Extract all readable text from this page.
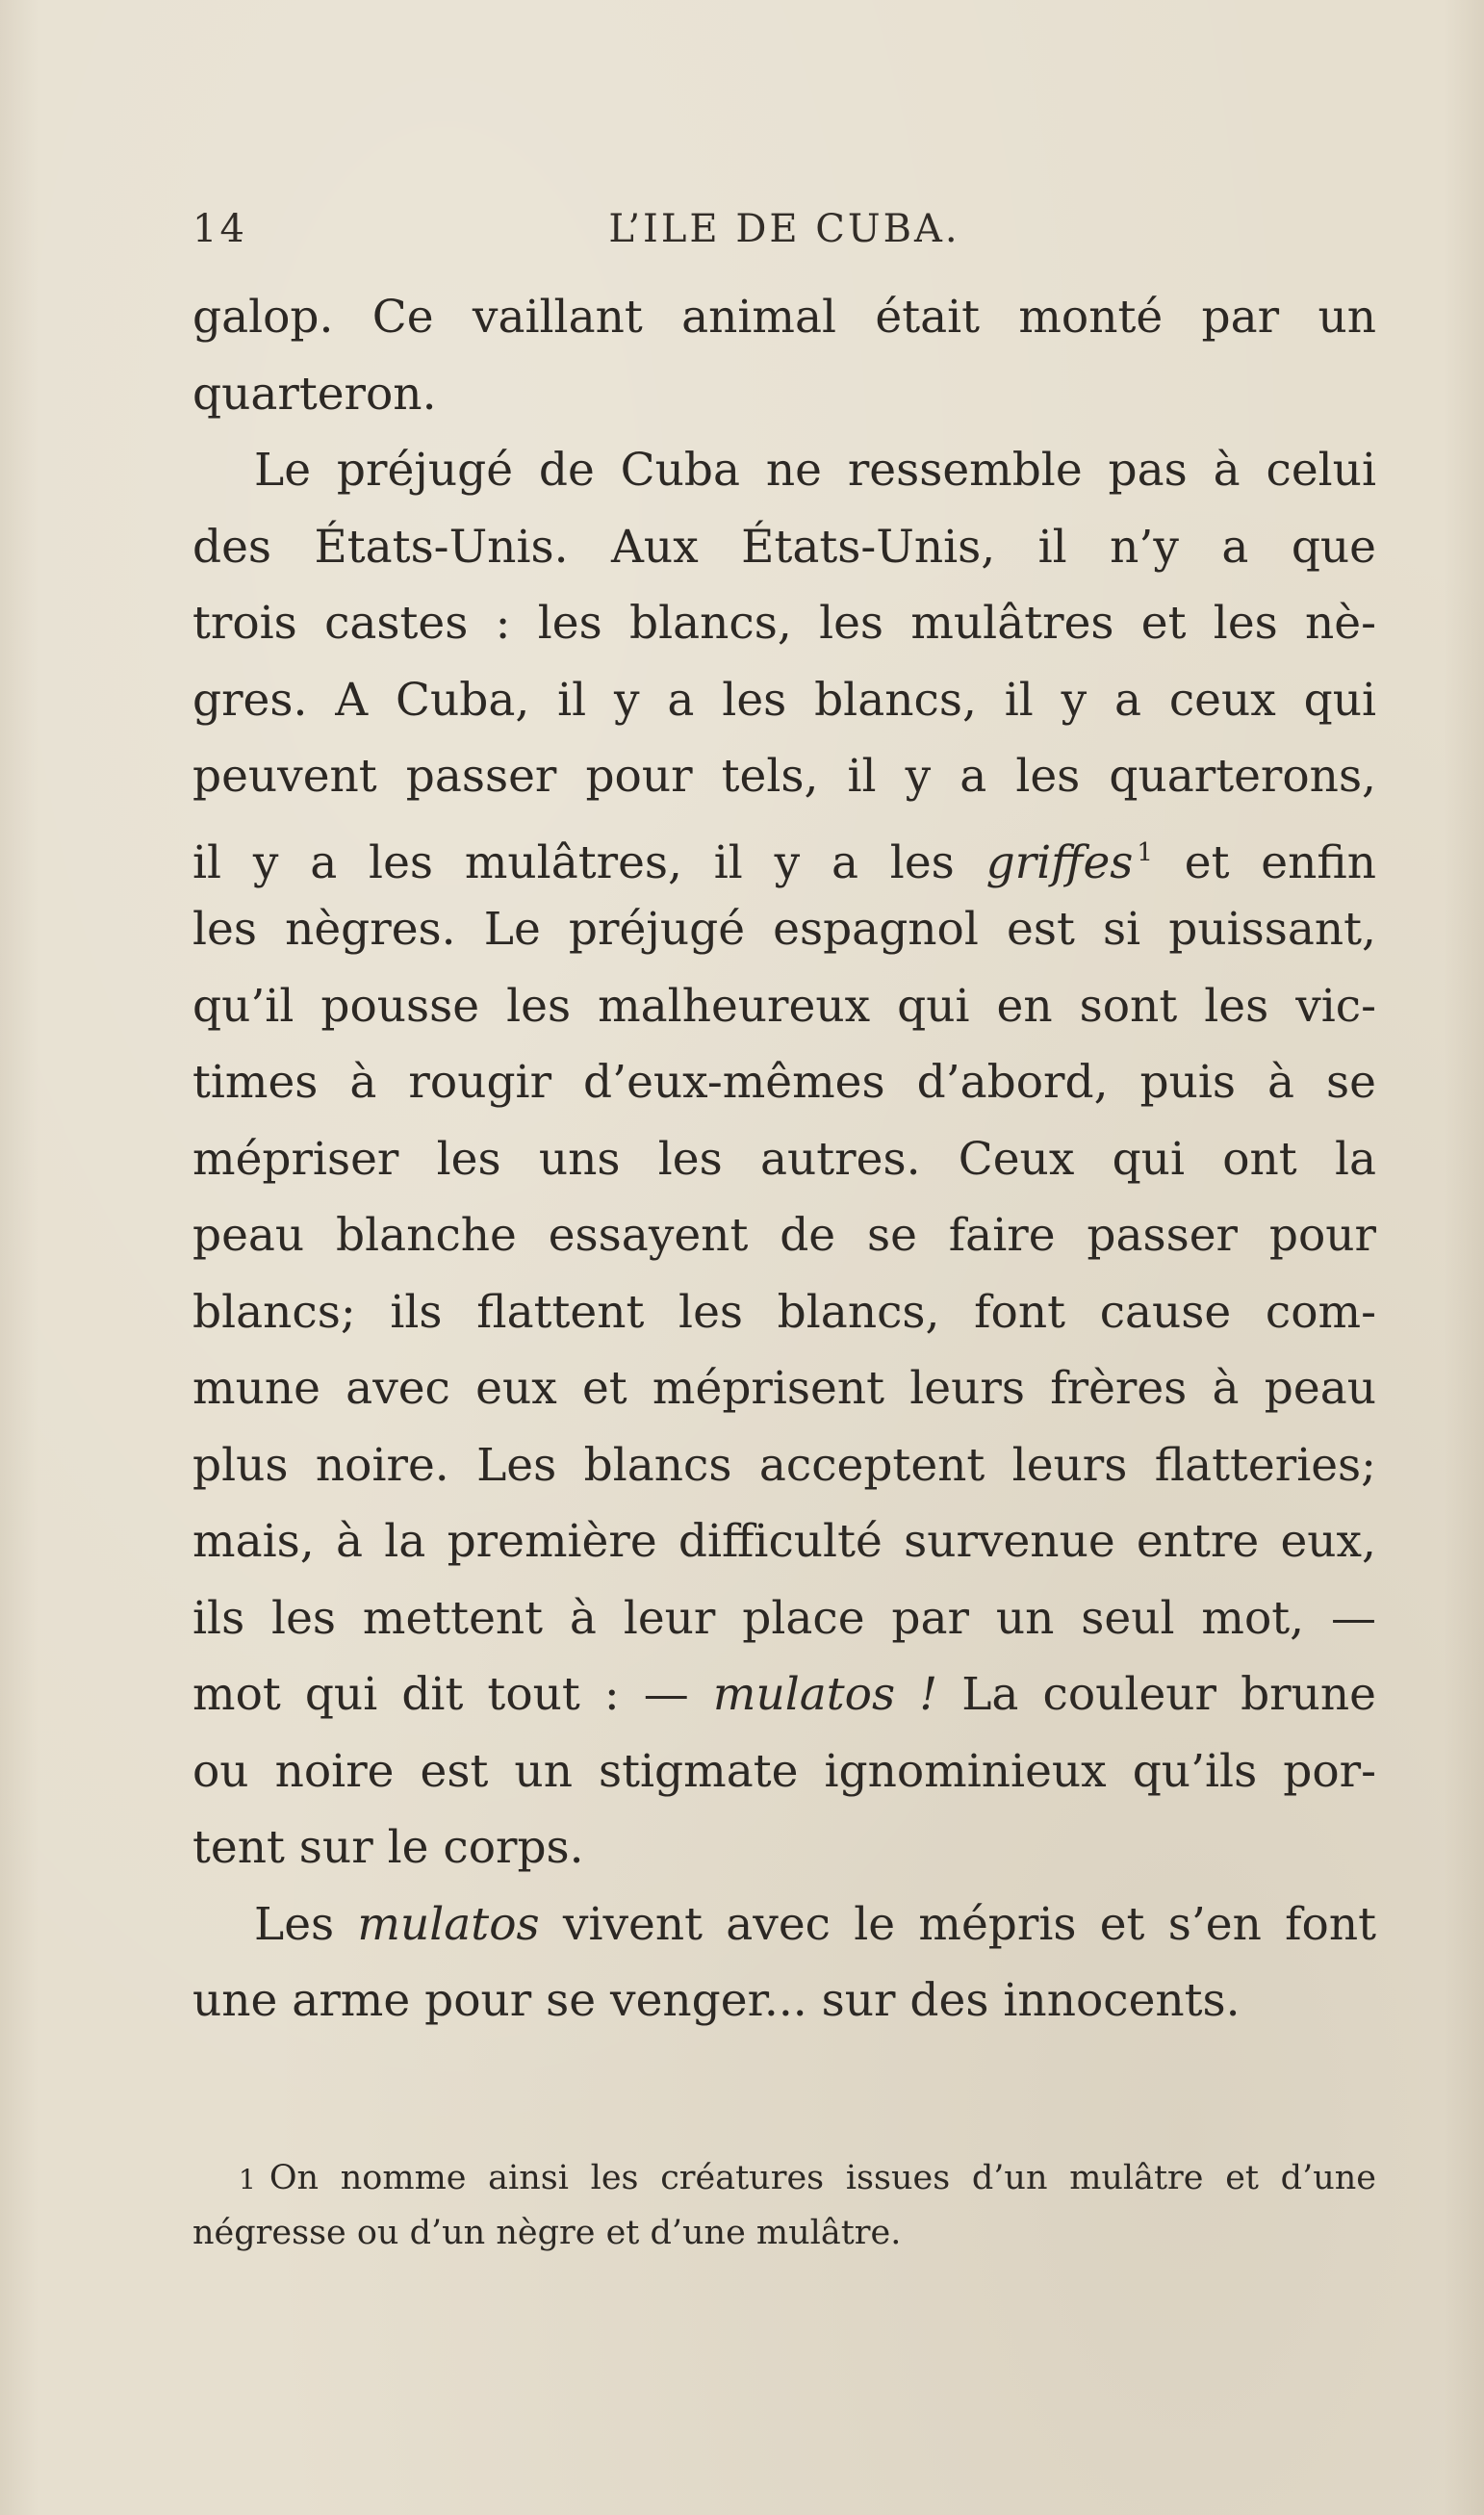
14	L’ILE DE CUBA.
galop. Ce vaillant animal était monté par un
quarteron.
Le préjugé de Cuba ne ressemble pas à celui
des États-Unis. Aux États-Unis, il n’y a que
trois castes : les blancs, les mulâtres et les nè-
gres. A Cuba, il y a les blancs, il y a ceux qui
peuvent passer pour tels, il y a les quarterons,
il y a les mulâtres, il y a les griffes $^1$ et enfin
les nègres. Le préjugé espagnol est si puissant,
qu’il pousse les malheureux qui en sont les vic-
times à rougir d’eux-mêmes d’abord, puis à se
mépriser les uns les autres. Ceux qui ont la
peau blanche essayent de se faire passer pour
blancs; ils flattent les blancs, font cause com-
mune avec eux et méprisent leurs frères à peau
plus noire. Les blancs acceptent leurs flatteries;
mais, à la première difficulté survenue entre eux,
ils les mettent à leur place par un seul mot, —
mot qui dit tout : — mulatos ! La couleur brune
ou noire est un stigmate ignominieux qu’ils por-
tent sur le corps.
Les mulatos vivent avec le mépris et s’en font
une arme pour se venger... sur des innocents.
1 On nomme ainsi les créatures issues d’un mulâtre et d’une
négresse ou d’un nègre et d’une mulâtre.
